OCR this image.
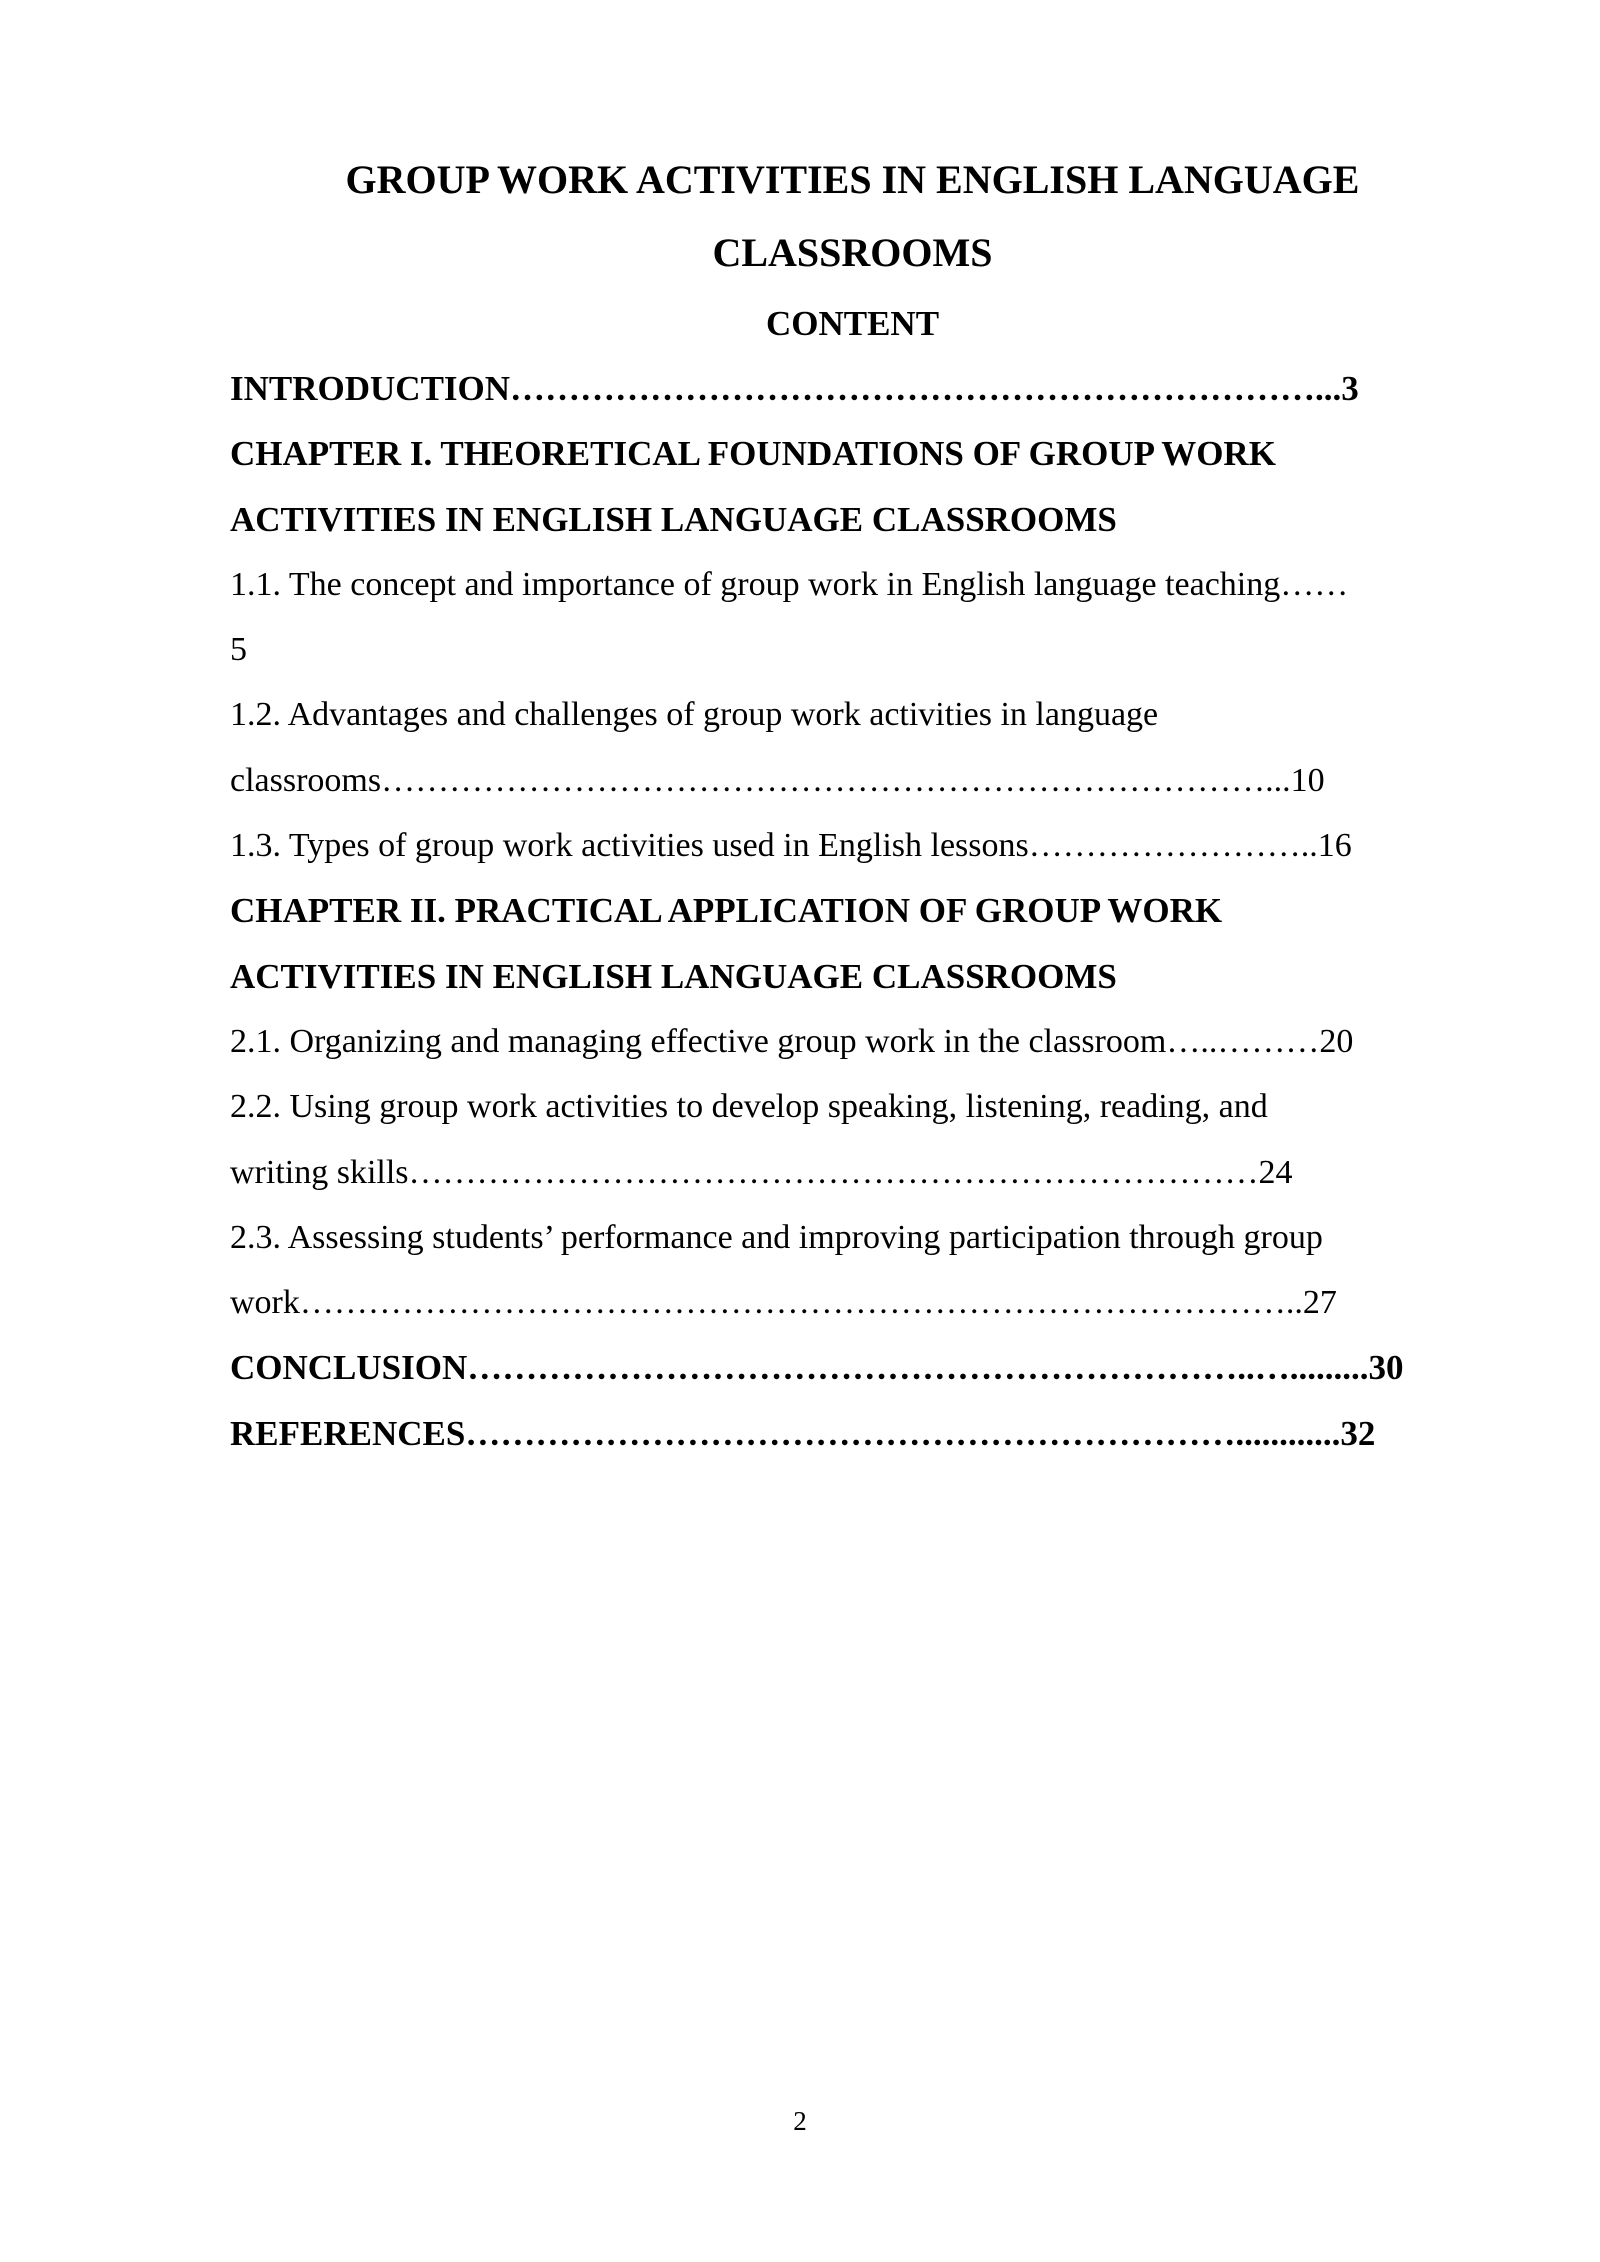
GROUP WORK ACTIVITIES IN ENGLISH LANGUAGE
CLASSROOMS
CONTENT
INTRODUCTION……………………………………………………………...3
CHAPTER I. THEORETICAL FOUNDATIONS OF GROUP WORK
ACTIVITIES IN ENGLISH LANGUAGE CLASSROOMS
1.1. The concept and importance of group work in English language teaching……
5
1.2. Advantages and challenges of group work activities in language
classrooms……………………………………………………………………...10
1.3. Types of group work activities used in English lessons……………………..16
CHAPTER II. PRACTICAL APPLICATION OF GROUP WORK
ACTIVITIES IN ENGLISH LANGUAGE CLASSROOMS
2.1. Organizing and managing effective group work in the classroom…..………20
2.2. Using group work activities to develop speaking, listening, reading, and
writing skills…………………………………………………………………24
2.3. Assessing students’ performance and improving participation through group
work……………………………………………………………………………..27
CONCLUSION…………………………………………………………..….........30
REFERENCES…………………………………………………………............32
2
